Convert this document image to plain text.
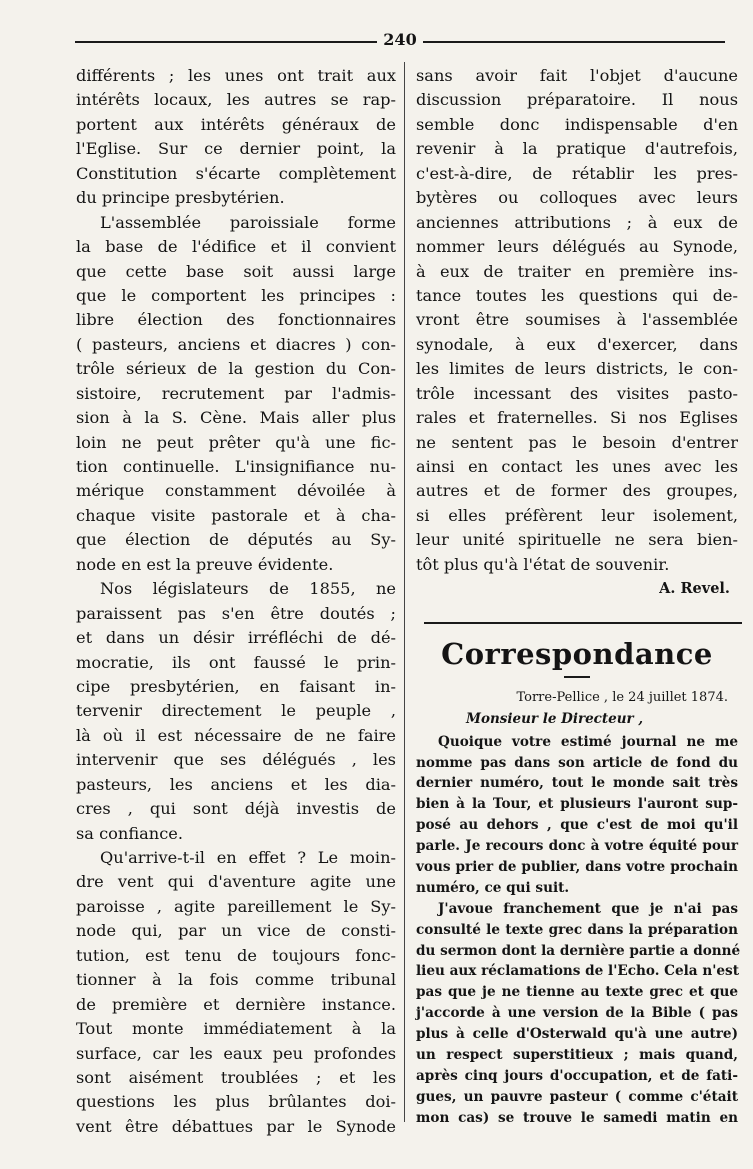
240
différents ; les unes ont trait aux
intérêts locaux, les autres se rap-
portent aux intérêts généraux de
l'Eglise. Sur ce dernier point, la
Constitution s'écarte complètement
du principe presbytérien.
L'assemblée paroissiale forme
la base de l'édifice et il convient
que cette base soit aussi large
que le comportent les principes :
libre élection des fonctionnaires
( pasteurs, anciens et diacres ) con-
trôle sérieux de la gestion du Con-
sistoire, recrutement par l'admis-
sion à la S. Cène. Mais aller plus
loin ne peut prêter qu'à une fic-
tion continuelle. L'insignifiance nu-
mérique constamment dévoilée à
chaque visite pastorale et à cha-
que élection de députés au Sy-
node en est la preuve évidente.
Nos législateurs de 1855, ne
paraissent pas s'en être doutés ;
et dans un désir irréfléchi de dé-
mocratie, ils ont faussé le prin-
cipe presbytérien, en faisant in-
tervenir directement le peuple ,
là où il est nécessaire de ne faire
intervenir que ses délégués , les
pasteurs, les anciens et les dia-
cres , qui sont déjà investis de
sa confiance.
Qu'arrive-t-il en effet ? Le moin-
dre vent qui d'aventure agite une
paroisse , agite pareillement le Sy-
node qui, par un vice de consti-
tution, est tenu de toujours fonc-
tionner à la fois comme tribunal
de première et dernière instance.
Tout monte immédiatement à la
surface, car les eaux peu profondes
sont aisément troublées ; et les
questions les plus brûlantes doi-
vent être débattues par le Synode
sans avoir fait l'objet d'aucune
discussion préparatoire. Il nous
semble donc indispensable d'en
revenir à la pratique d'autrefois,
c'est-à-dire, de rétablir les pres-
bytères ou colloques avec leurs
anciennes attributions ; à eux de
nommer leurs délégués au Synode,
à eux de traiter en première ins-
tance toutes les questions qui de-
vront être soumises à l'assemblée
synodale, à eux d'exercer, dans
les limites de leurs districts, le con-
trôle incessant des visites pasto-
rales et fraternelles. Si nos Eglises
ne sentent pas le besoin d'entrer
ainsi en contact les unes avec les
autres et de former des groupes,
si elles préfèrent leur isolement,
leur unité spirituelle ne sera bien-
tôt plus qu'à l'état de souvenir.
A. Revel.
Correspondance
Torre-Pellice , le 24 juillet 1874.
Monsieur le Directeur ,
Quoique votre estimé journal ne me
nomme pas dans son article de fond du
dernier numéro, tout le monde sait très
bien à la Tour, et plusieurs l'auront sup-
posé au dehors , que c'est de moi qu'il
parle. Je recours donc à votre équité pour
vous prier de publier, dans votre prochain
numéro, ce qui suit.
J'avoue franchement que je n'ai pas
consulté le texte grec dans la préparation
du sermon dont la dernière partie a donné
lieu aux réclamations de l'Echo. Cela n'est
pas que je ne tienne au texte grec et que
j'accorde à une version de la Bible ( pas
plus à celle d'Osterwald qu'à une autre)
un respect superstitieux ; mais quand,
après cinq jours d'occupation, et de fati-
gues, un pauvre pasteur ( comme c'était
mon cas) se trouve le samedi matin en
